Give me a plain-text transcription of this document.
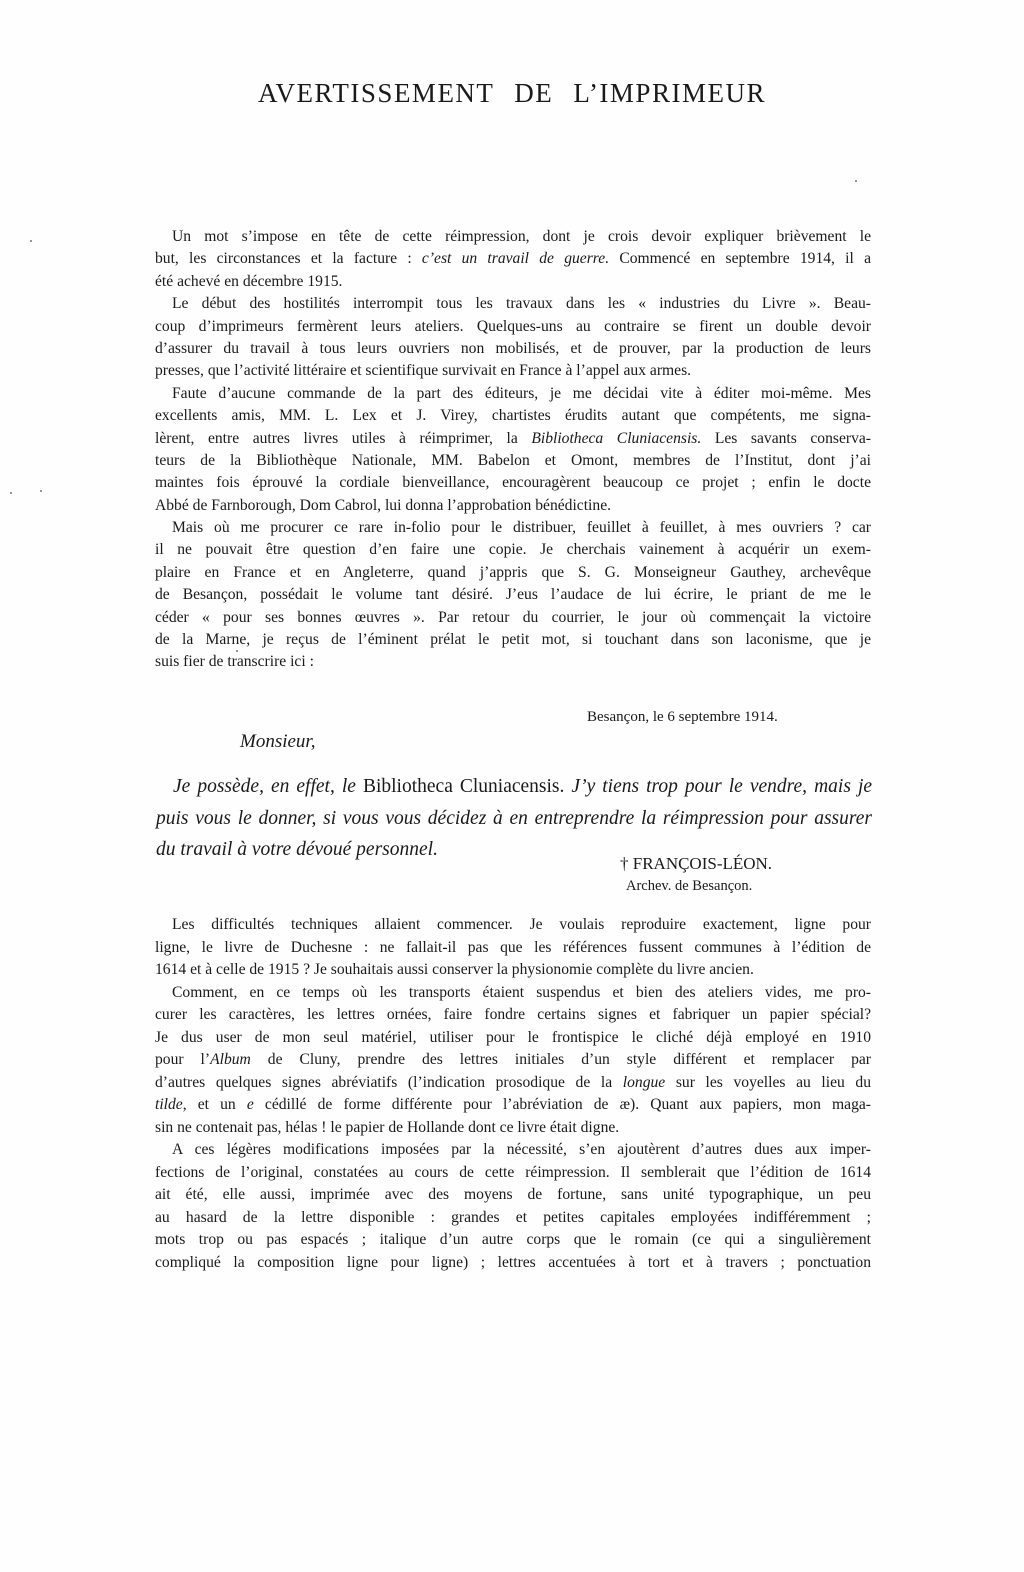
AVERTISSEMENT DE L’IMPRIMEUR
Un mot s’impose en tête de cette réimpression, dont je crois devoir expliquer brièvement le
but, les circonstances et la facture : c’est un travail de guerre. Commencé en septembre 1914, il a
été achevé en décembre 1915.
Le début des hostilités interrompit tous les travaux dans les « industries du Livre ». Beau-
coup d’imprimeurs fermèrent leurs ateliers. Quelques-uns au contraire se firent un double devoir
d’assurer du travail à tous leurs ouvriers non mobilisés, et de prouver, par la production de leurs
presses, que l’activité littéraire et scientifique survivait en France à l’appel aux armes.
Faute d’aucune commande de la part des éditeurs, je me décidai vite à éditer moi-même. Mes
excellents amis, MM. L. Lex et J. Virey, chartistes érudits autant que compétents, me signa-
lèrent, entre autres livres utiles à réimprimer, la Bibliotheca Cluniacensis. Les savants conserva-
teurs de la Bibliothèque Nationale, MM. Babelon et Omont, membres de l’Institut, dont j’ai
maintes fois éprouvé la cordiale bienveillance, encouragèrent beaucoup ce projet ; enfin le docte
Abbé de Farnborough, Dom Cabrol, lui donna l’approbation bénédictine.
Mais où me procurer ce rare in-folio pour le distribuer, feuillet à feuillet, à mes ouvriers ? car
il ne pouvait être question d’en faire une copie. Je cherchais vainement à acquérir un exem-
plaire en France et en Angleterre, quand j’appris que S. G. Monseigneur Gauthey, archevêque
de Besançon, possédait le volume tant désiré. J’eus l’audace de lui écrire, le priant de me le
céder « pour ses bonnes œuvres ». Par retour du courrier, le jour où commençait la victoire
de la Marne, je reçus de l’éminent prélat le petit mot, si touchant dans son laconisme, que je
suis fier de transcrire ici :
Besançon, le 6 septembre 1914.
Monsieur,
Je possède, en effet, le Bibliotheca Cluniacensis. J’y tiens trop pour le vendre, mais je
puis vous le donner, si vous vous décidez à en entreprendre la réimpression pour assurer
du travail à votre dévoué personnel.
† FRANÇOIS-LÉON.
Archev. de Besançon.
Les difficultés techniques allaient commencer. Je voulais reproduire exactement, ligne pour
ligne, le livre de Duchesne : ne fallait-il pas que les références fussent communes à l’édition de
1614 et à celle de 1915 ? Je souhaitais aussi conserver la physionomie complète du livre ancien.
Comment, en ce temps où les transports étaient suspendus et bien des ateliers vides, me pro-
curer les caractères, les lettres ornées, faire fondre certains signes et fabriquer un papier spécial?
Je dus user de mon seul matériel, utiliser pour le frontispice le cliché déjà employé en 1910
pour l’Album de Cluny, prendre des lettres initiales d’un style différent et remplacer par
d’autres quelques signes abréviatifs (l’indication prosodique de la longue sur les voyelles au lieu du
tilde, et un e cédillé de forme différente pour l’abréviation de æ). Quant aux papiers, mon maga-
sin ne contenait pas, hélas ! le papier de Hollande dont ce livre était digne.
A ces légères modifications imposées par la nécessité, s’en ajoutèrent d’autres dues aux imper-
fections de l’original, constatées au cours de cette réimpression. Il semblerait que l’édition de 1614
ait été, elle aussi, imprimée avec des moyens de fortune, sans unité typographique, un peu
au hasard de la lettre disponible : grandes et petites capitales employées indifféremment ;
mots trop ou pas espacés ; italique d’un autre corps que le romain (ce qui a singulièrement
compliqué la composition ligne pour ligne) ; lettres accentuées à tort et à travers ; ponctuation
